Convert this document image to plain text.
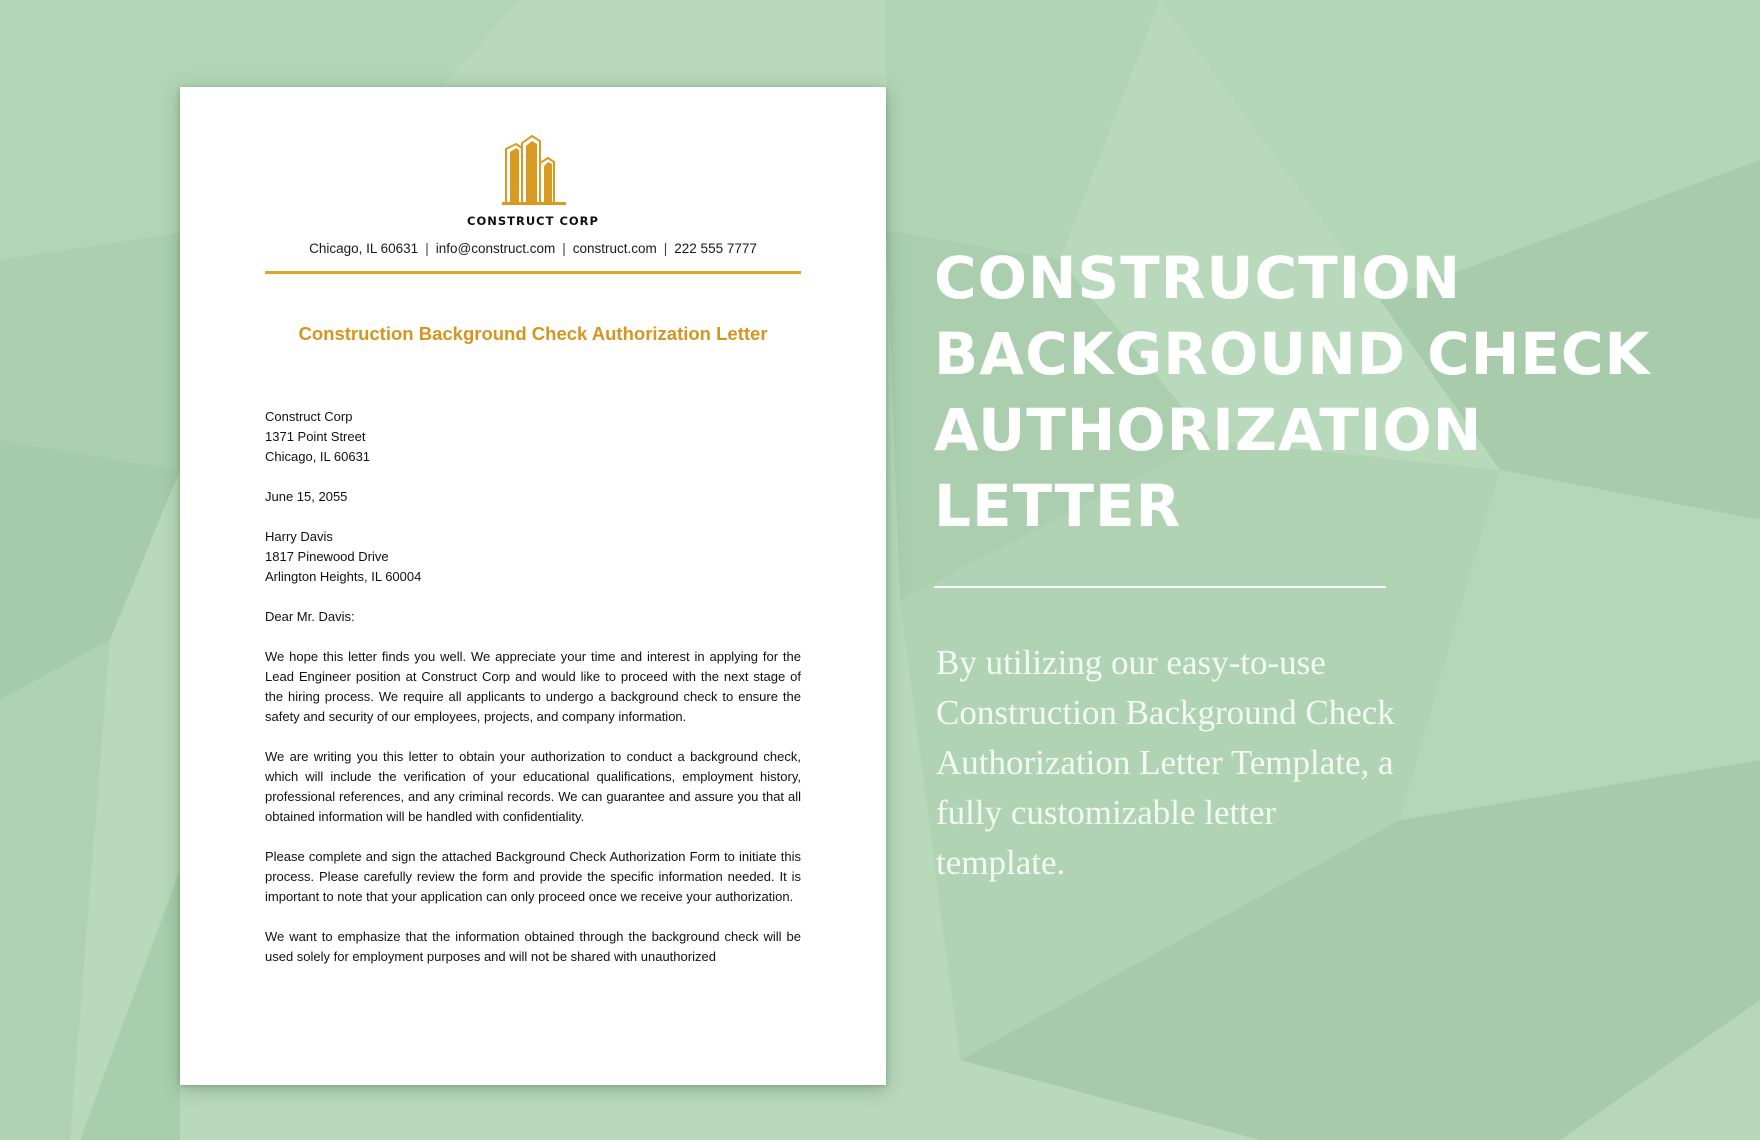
CONSTRUCT CORP
Chicago, IL 60631 | info@construct.com | construct.com | 222 555 7777
Construction Background Check Authorization Letter
Construct Corp
1371 Point Street
Chicago, IL 60631
June 15, 2055
Harry Davis
1817 Pinewood Drive
Arlington Heights, IL 60004
Dear Mr. Davis:

We hope this letter finds you well. We appreciate your time and interest in applying for the Lead Engineer position at Construct Corp and would like to proceed with the next stage of the hiring process. We require all applicants to undergo a background check to ensure the safety and security of our employees, projects, and company information.

We are writing you this letter to obtain your authorization to conduct a background check, which will include the verification of your educational qualifications, employment history, professional references, and any criminal records. We can guarantee and assure you that all obtained information will be handled with confidentiality.

Please complete and sign the attached Background Check Authorization Form to initiate this process. Please carefully review the form and provide the specific information needed. It is important to note that your application can only proceed once we receive your authorization.

We want to emphasize that the information obtained through the background check will be used solely for employment purposes and will not be shared with unauthorized

CONSTRUCTION
BACKGROUND CHECK
AUTHORIZATION
LETTER
By utilizing our easy-to-use
Construction Background Check
Authorization Letter Template, a
fully customizable letter
template.
